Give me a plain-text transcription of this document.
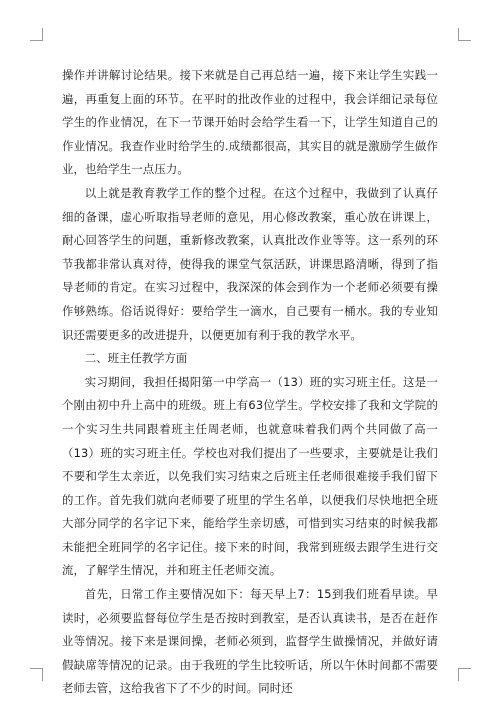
操作并讲解讨论结果。接下来就是自己再总结一遍，接下来让学生实践一遍，再重复上面的环节。在平时的批改作业的过程中，我会详细记录每位学生的作业情况，在下一节课开始时会给学生看一下，让学生知道自己的作业情况。我查作业时给学生的.成绩都很高，其实目的就是激励学生做作业，也给学生一点压力。

以上就是教育教学工作的整个过程。在这个过程中，我做到了认真仔细的备课，虚心听取指导老师的意见，用心修改教案，重心放在讲课上，耐心回答学生的问题，重新修改教案，认真批改作业等等。这一系列的环节我都非常认真对待，使得我的课堂气氛活跃，讲课思路清晰，得到了指导老师的肯定。在实习过程中，我深深的体会到作为一个老师必须要有操作够熟练。俗话说得好：要给学生一滴水，自己要有一桶水。我的专业知识还需要更多的改进提升，以便更加有利于我的教学水平。

二、班主任教学方面

实习期间，我担任揭阳第一中学高一（13）班的实习班主任。这是一个刚由初中升上高中的班级。班上有63位学生。学校安排了我和文学院的一个实习生共同跟着班主任周老师，也就意味着我们两个共同做了高一（13）班的实习班主任。学校也对我们提出了一些要求，主要就是让我们不要和学生太亲近，以免我们实习结束之后班主任老师很难接手我们留下的工作。首先我们就向老师要了班里的学生名单，以便我们尽快地把全班大部分同学的名字记下来，能给学生亲切感，可惜到实习结束的时候我都未能把全班同学的名字记住。接下来的时间，我常到班级去跟学生进行交流，了解学生情况，并和班主任老师交流。

首先，日常工作主要情况如下：每天早上7：15到我们班看早读。早读时，必须要监督每位学生是否按时到教室，是否认真读书，是否在赶作业等情况。接下来是课间操，老师必须到，监督学生做操情况，并做好请假缺席等情况的记录。由于我班的学生比较听话，所以午休时间都不需要老师去管，这给我省下了不少的时间。同时还
